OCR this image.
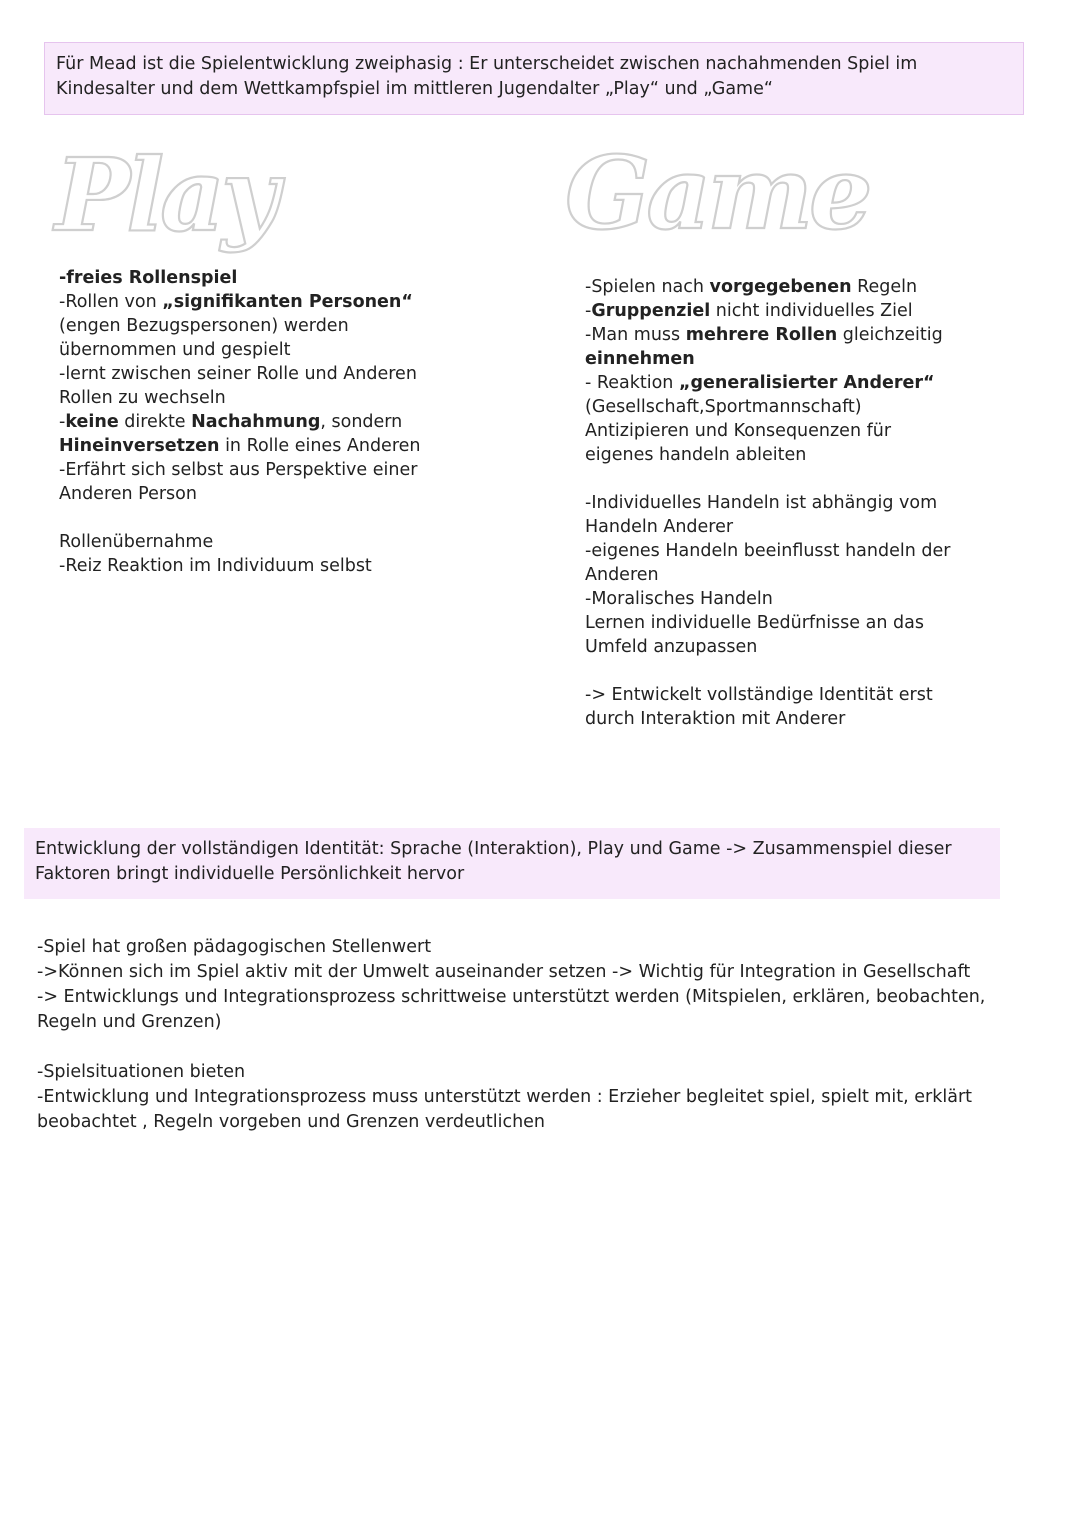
Für Mead ist die Spielentwicklung zweiphasig : Er unterscheidet zwischen nachahmenden Spiel im Kindesalter und dem Wettkampfspiel im mittleren Jugendalter „Play“ und „Game“
Play	Game

-freies Rollenspiel

-Rollen von „signifikanten Personen“ (engen Bezugspersonen) werden übernommen und gespielt

-lernt zwischen seiner Rolle und Anderen Rollen zu wechseln

-keine direkte Nachahmung, sondern Hineinversetzen in Rolle eines Anderen

-Erfährt sich selbst aus Perspektive einer Anderen Person

Rollenübernahme

-Reiz Reaktion im Individuum selbst

-Spielen nach vorgegebenen Regeln

-Gruppenziel nicht individuelles Ziel

-Man muss mehrere Rollen gleichzeitig einnehmen

- Reaktion „generalisierter Anderer“ (Gesellschaft,Sportmannschaft) Antizipieren und Konsequenzen für eigenes handeln ableiten

-Individuelles Handeln ist abhängig vom Handeln Anderer

-eigenes Handeln beeinflusst handeln der Anderen

-Moralisches Handeln

Lernen individuelle Bedürfnisse an das Umfeld anzupassen

-> Entwickelt vollständige Identität erst durch Interaktion mit Anderer

Entwicklung der vollständigen Identität: Sprache (Interaktion), Play und Game -> Zusammenspiel dieser Faktoren bringt individuelle Persönlichkeit hervor

-Spiel hat großen pädagogischen Stellenwert

->Können sich im Spiel aktiv mit der Umwelt auseinander setzen -> Wichtig für Integration in Gesellschaft

-> Entwicklungs und Integrationsprozess schrittweise unterstützt werden (Mitspielen, erklären, beobachten, Regeln und Grenzen)

-Spielsituationen bieten

-Entwicklung und Integrationsprozess muss unterstützt werden : Erzieher begleitet spiel, spielt mit, erklärt beobachtet , Regeln vorgeben und Grenzen verdeutlichen
